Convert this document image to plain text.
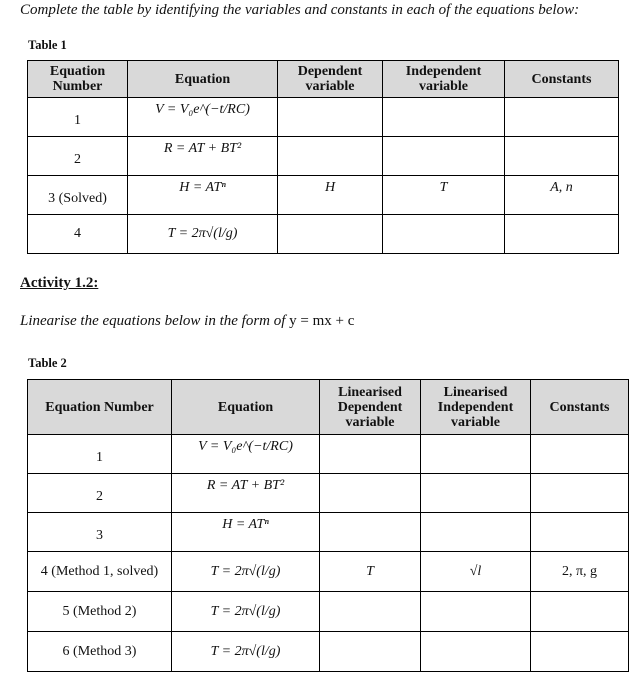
Complete the table by identifying the variables and constants in each of the equations below:
Table 1
Equation Number	Equation	Dependent variable	Independent variable	Constants
1	V = V₀e^(−t/RC)			
2	R = AT + BT²			
3 (Solved)	H = ATⁿ	H	T	A, n
4	T = 2π√(l/g)			
Activity 1.2:
Linearise the equations below in the form of y = mx + c
Table 2
Equation Number	Equation	Linearised Dependent variable	Linearised Independent variable	Constants
1	V = V₀e^(−t/RC)			
2	R = AT + BT²			
3	H = ATⁿ			
4 (Method 1, solved)	T = 2π√(l/g)	T	√l	2, π, g
5 (Method 2)	T = 2π√(l/g)			
6 (Method 3)	T = 2π√(l/g)			
